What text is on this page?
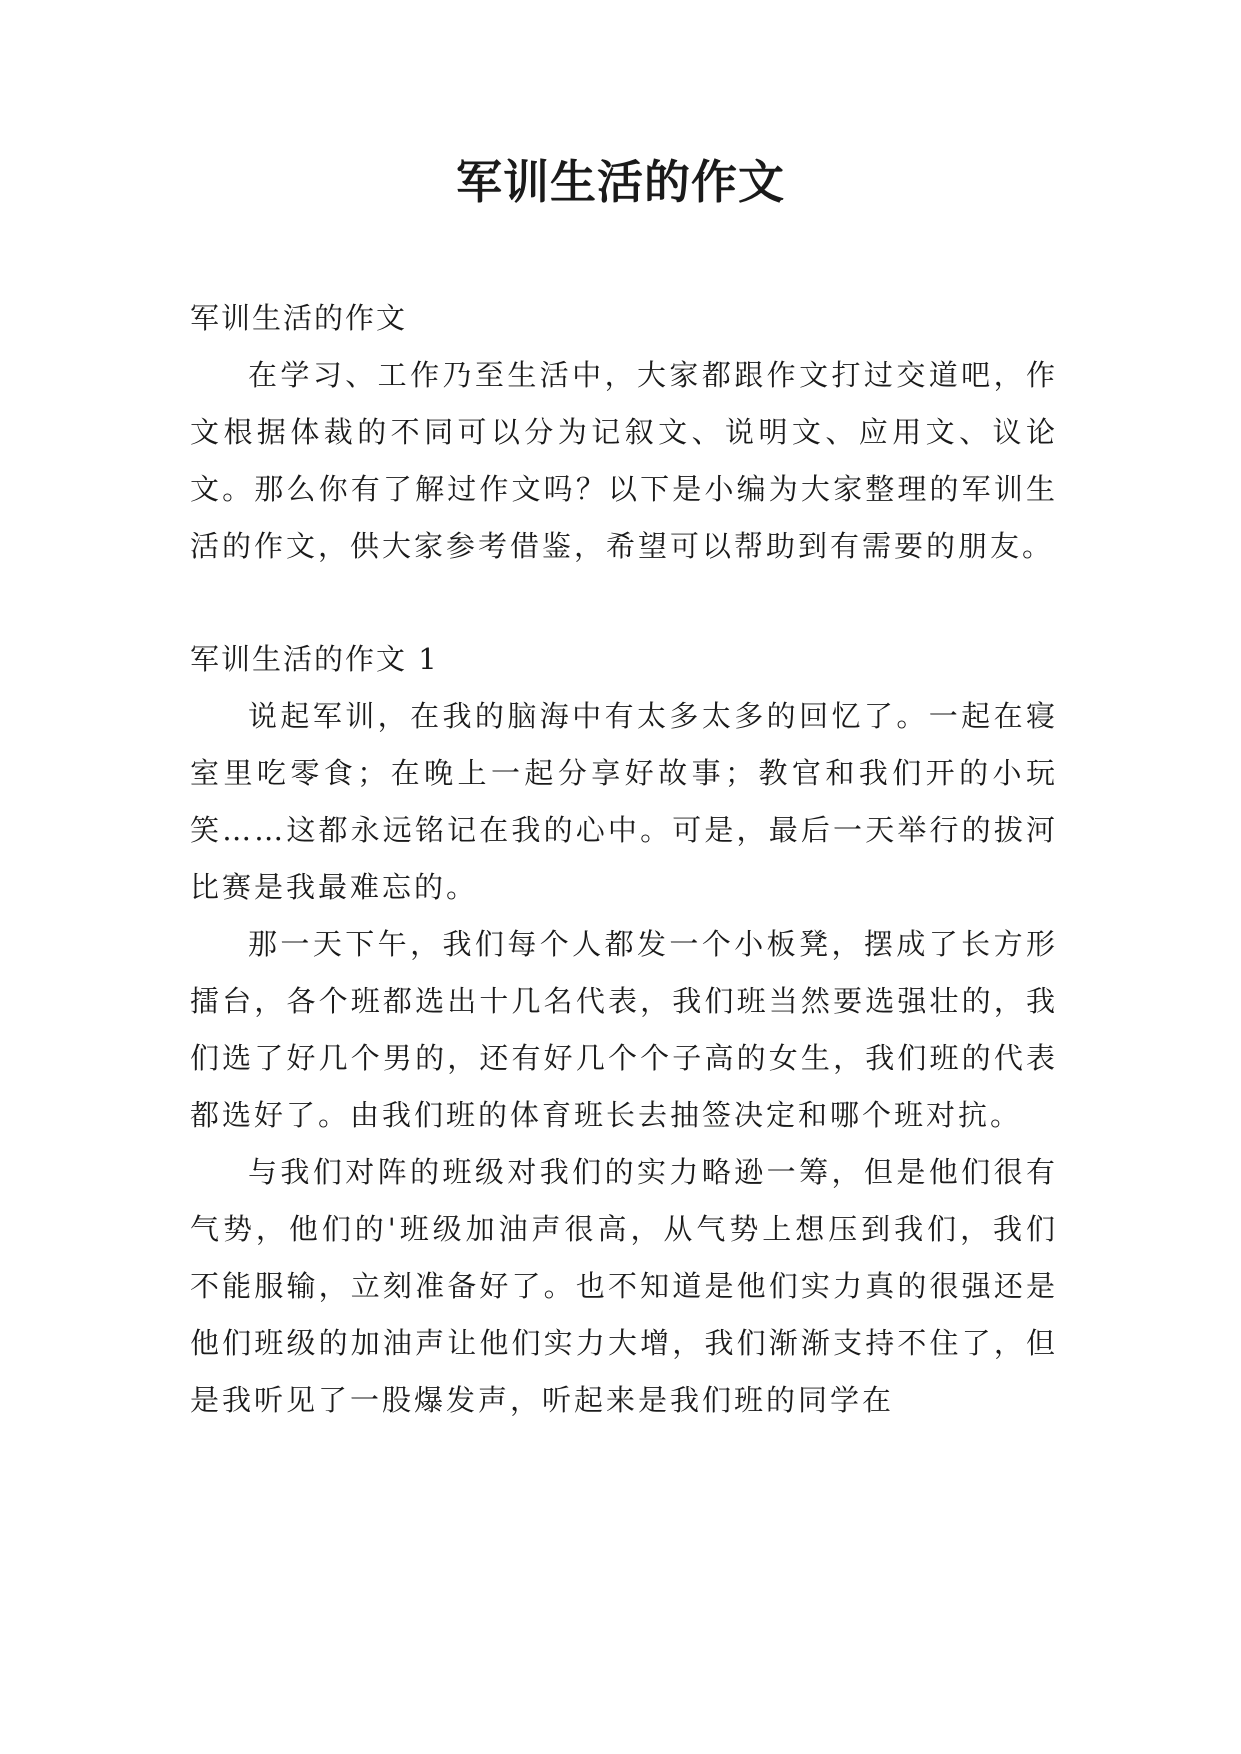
军训生活的作文

军训生活的作文

在学习、工作乃至生活中，大家都跟作文打过交道吧，作文根据体裁的不同可以分为记叙文、说明文、应用文、议论文。那么你有了解过作文吗？以下是小编为大家整理的军训生活的作文，供大家参考借鉴，希望可以帮助到有需要的朋友。

军训生活的作文 1

说起军训，在我的脑海中有太多太多的回忆了。一起在寝室里吃零食；在晚上一起分享好故事；教官和我们开的小玩笑……这都永远铭记在我的心中。可是，最后一天举行的拔河比赛是我最难忘的。

那一天下午，我们每个人都发一个小板凳，摆成了长方形擂台，各个班都选出十几名代表，我们班当然要选强壮的，我们选了好几个男的，还有好几个个子高的女生，我们班的代表都选好了。由我们班的体育班长去抽签决定和哪个班对抗。

与我们对阵的班级对我们的实力略逊一筹，但是他们很有气势，他们的'班级加油声很高，从气势上想压到我们，我们不能服输，立刻准备好了。也不知道是他们实力真的很强还是他们班级的加油声让他们实力大增，我们渐渐支持不住了，但是我听见了一股爆发声，听起来是我们班的同学在
